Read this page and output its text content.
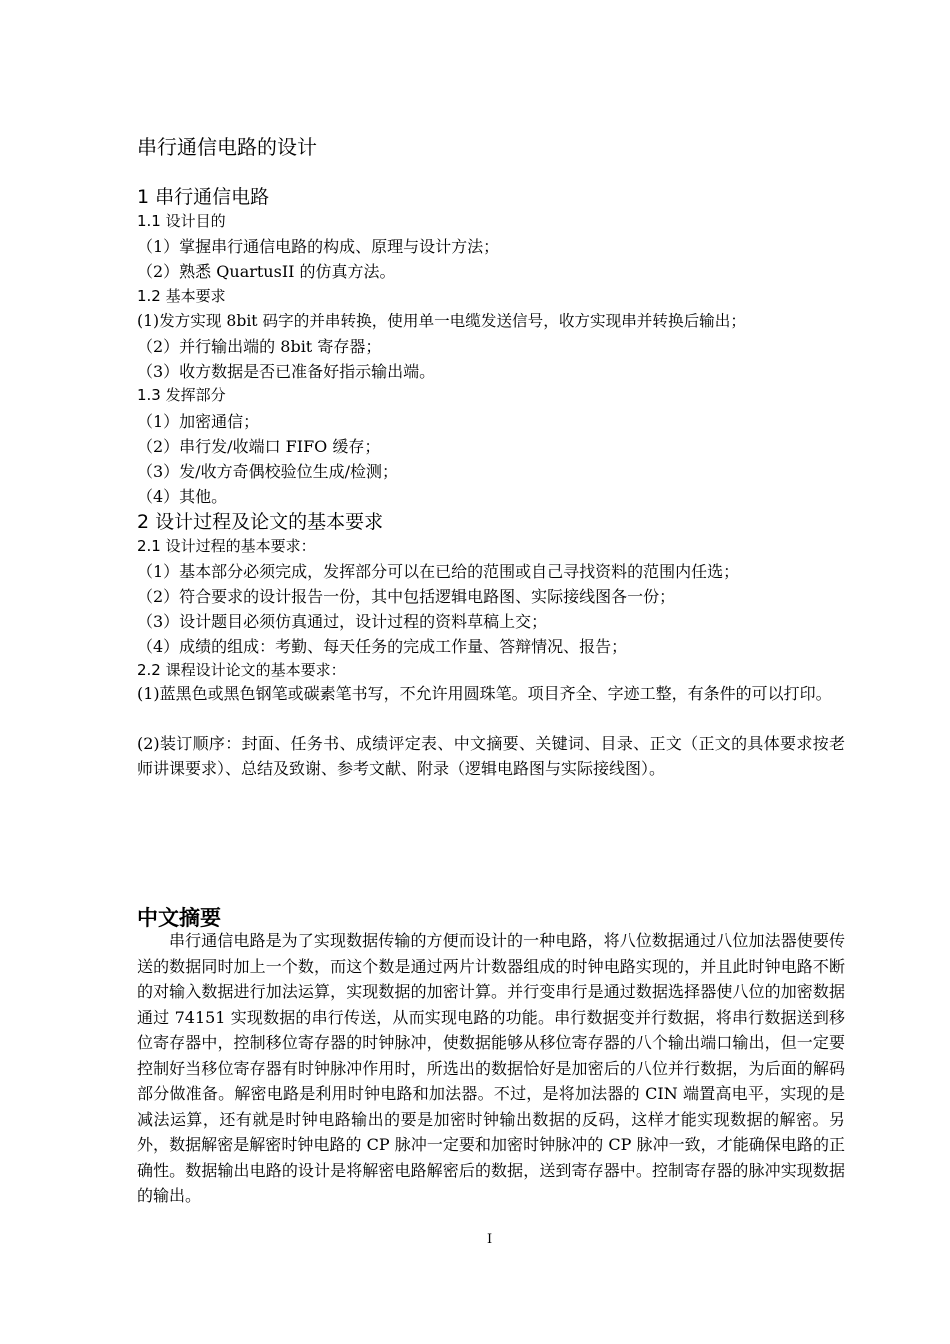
串行通信电路的设计
1 串行通信电路
1.1 设计目的
（1）掌握串行通信电路的构成、原理与设计方法；
（2）熟悉 QuartusII 的仿真方法。
1.2 基本要求
(1)发方实现 8bit 码字的并串转换，使用单一电缆发送信号，收方实现串并转换后输出；
（2）并行输出端的 8bit 寄存器；
（3）收方数据是否已准备好指示输出端。
1.3 发挥部分
（1）加密通信；
（2）串行发/收端口 FIFO 缓存；
（3）发/收方奇偶校验位生成/检测；
（4）其他。
2 设计过程及论文的基本要求
2.1 设计过程的基本要求：
（1）基本部分必须完成，发挥部分可以在已给的范围或自己寻找资料的范围内任选；
（2）符合要求的设计报告一份，其中包括逻辑电路图、实际接线图各一份；
（3）设计题目必须仿真通过，设计过程的资料草稿上交；
（4）成绩的组成：考勤、每天任务的完成工作量、答辩情况、报告；
2.2 课程设计论文的基本要求：
(1)蓝黑色或黑色钢笔或碳素笔书写，不允许用圆珠笔。项目齐全、字迹工整，有条件的可以打印。
(2)装订顺序：封面、任务书、成绩评定表、中文摘要、关键词、目录、正文（正文的具体要求按老师讲课要求）、总结及致谢、参考文献、附录（逻辑电路图与实际接线图）。
中文摘要
串行通信电路是为了实现数据传输的方便而设计的一种电路，将八位数据通过八位加法器使要传送的数据同时加上一个数，而这个数是通过两片计数器组成的时钟电路实现的，并且此时钟电路不断的对输入数据进行加法运算，实现数据的加密计算。并行变串行是通过数据选择器使八位的加密数据通过 74151 实现数据的串行传送，从而实现电路的功能。串行数据变并行数据，将串行数据送到移位寄存器中，控制移位寄存器的时钟脉冲，使数据能够从移位寄存器的八个输出端口输出，但一定要控制好当移位寄存器有时钟脉冲作用时，所选出的数据恰好是加密后的八位并行数据，为后面的解码部分做准备。解密电路是利用时钟电路和加法器。不过，是将加法器的 CIN 端置高电平，实现的是减法运算，还有就是时钟电路输出的要是加密时钟输出数据的反码，这样才能实现数据的解密。另外，数据解密是解密时钟电路的 CP 脉冲一定要和加密时钟脉冲的 CP 脉冲一致，才能确保电路的正确性。数据输出电路的设计是将解密电路解密后的数据，送到寄存器中。控制寄存器的脉冲实现数据的输出。
I
